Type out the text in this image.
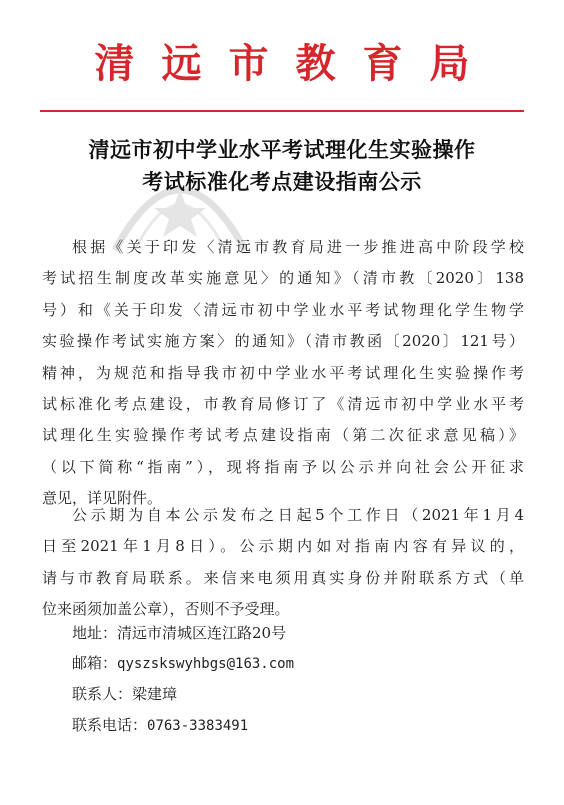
清远市教育局
清远市初中学业水平考试理化生实验操作
考试标准化考点建设指南公示
根据《关于印发〈清远市教育局进一步推进高中阶段学校
考试招生制度改革实施意见〉的通知》（清市教〔2020〕138
号）和《关于印发〈清远市初中学业水平考试物理化学生物学
实验操作考试实施方案〉的通知》（清市教函〔2020〕121号）
精神，为规范和指导我市初中学业水平考试理化生实验操作考
试标准化考点建设，市教育局修订了《清远市初中学业水平考
试理化生实验操作考试考点建设指南（第二次征求意见稿）》
（以下简称“指南”），现将指南予以公示并向社会公开征求
意见，详见附件。
公示期为自本公示发布之日起5个工作日（2021年1月4
日至2021年1月8日）。公示期内如对指南内容有异议的，
请与市教育局联系。来信来电须用真实身份并附联系方式（单
位来函须加盖公章），否则不予受理。
地址：清远市清城区连江路20号
邮箱：qyszskswyhbgs@163.com
联系人：梁建璋
联系电话：0763-3383491
